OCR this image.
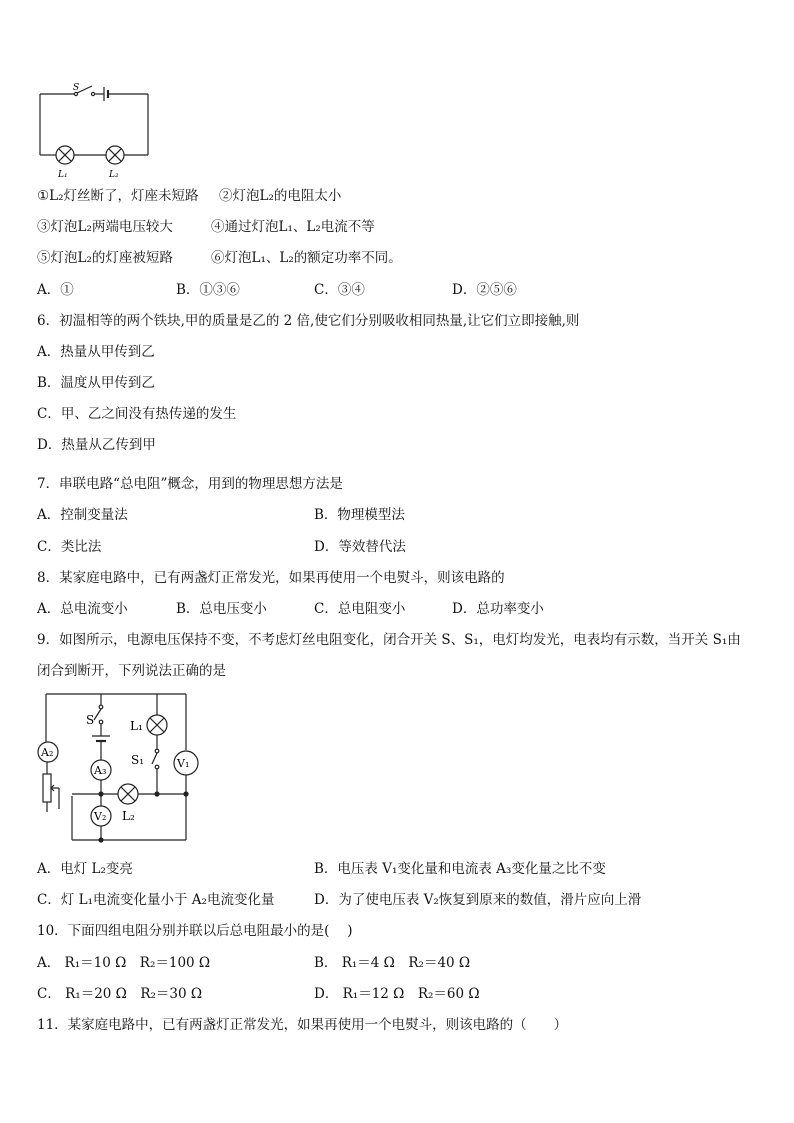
S
L₁	L₂
①L₂灯丝断了，灯座未短路 ②灯泡L₂的电阻太小
③灯泡L₂两端电压较大	④通过灯泡L₁、L₂电流不等
⑤灯泡L₂的灯座被短路	⑥灯泡L₁、L₂的额定功率不同。
A．①	B．①③⑥	C．③④	D．②⑤⑥
6．初温相等的两个铁块,甲的质量是乙的 2 倍,使它们分别吸收相同热量,让它们立即接触,则
A．热量从甲传到乙
B．温度从甲传到乙
C．甲、乙之间没有热传递的发生
D．热量从乙传到甲
7．串联电路“总电阻”概念，用到的物理思想方法是
A．控制变量法	B．物理模型法
C．类比法	D．等效替代法
8．某家庭电路中，已有两盏灯正常发光，如果再使用一个电熨斗，则该电路的
A．总电流变小	B．总电压变小	C．总电阻变小	D．总功率变小
9．如图所示，电源电压保持不变，不考虑灯丝电阻变化，闭合开关 S、S₁，电灯均发光，电表均有示数，当开关 S₁由
闭合到断开，下列说法正确的是
A₂
A₃
V₁
V₂
S
S₁
L₁
L₂
A．电灯 L₂变亮	B．电压表 V₁变化量和电流表 A₃变化量之比不变
C．灯 L₁电流变化量小于 A₂电流变化量	D．为了使电压表 V₂恢复到原来的数值，滑片应向上滑
10．下面四组电阻分别并联以后总电阻最小的是(　 )
A． R₁＝10 Ω　R₂＝100 Ω	B． R₁＝4 Ω　R₂＝40 Ω
C． R₁＝20 Ω　R₂＝30 Ω	D． R₁＝12 Ω　R₂＝60 Ω
11．某家庭电路中，已有两盏灯正常发光，如果再使用一个电熨斗，则该电路的（　　）
